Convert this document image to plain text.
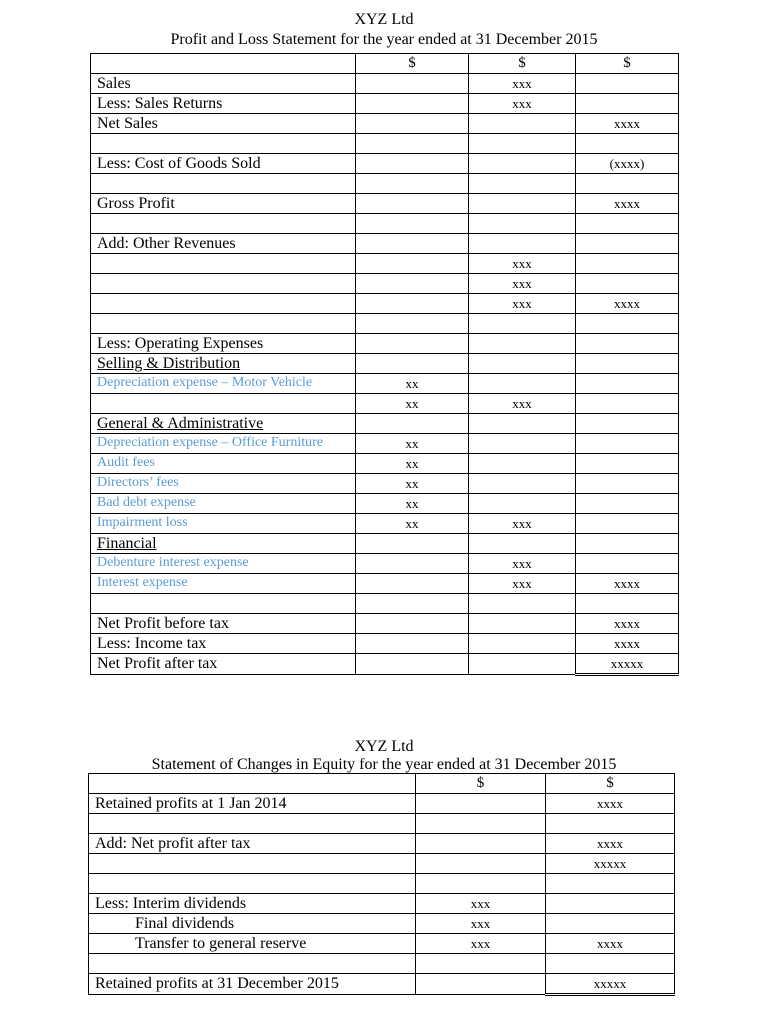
XYZ Ltd
Profit and Loss Statement for the year ended at 31 December 2015
	$	$	$
Sales		xxx	
Less: Sales Returns		xxx	
Net Sales			xxxx

Less: Cost of Goods Sold			(xxxx)

Gross Profit			xxxx

Add: Other Revenues			
		xxx	
		xxx	
		xxx	xxxx

Less: Operating Expenses			
Selling & Distribution			
Depreciation expense – Motor Vehicle	xx		
	xx	xxx	
General & Administrative			
Depreciation expense – Office Furniture	xx		
Audit fees	xx		
Directors’ fees	xx		
Bad debt expense	xx		
Impairment loss	xx	xxx	
Financial			
Debenture interest expense		xxx	
Interest expense		xxx	xxxx

Net Profit before tax			xxxx
Less: Income tax			xxxx
Net Profit after tax			xxxxx
XYZ Ltd
Statement of Changes in Equity for the year ended at 31 December 2015
	$	$
Retained profits at 1 Jan 2014		xxxx

Add: Net profit after tax		xxxx
		xxxxx

Less: Interim dividends	xxx	
Final dividends	xxx	
Transfer to general reserve	xxx	xxxx

Retained profits at 31 December 2015		xxxxx
